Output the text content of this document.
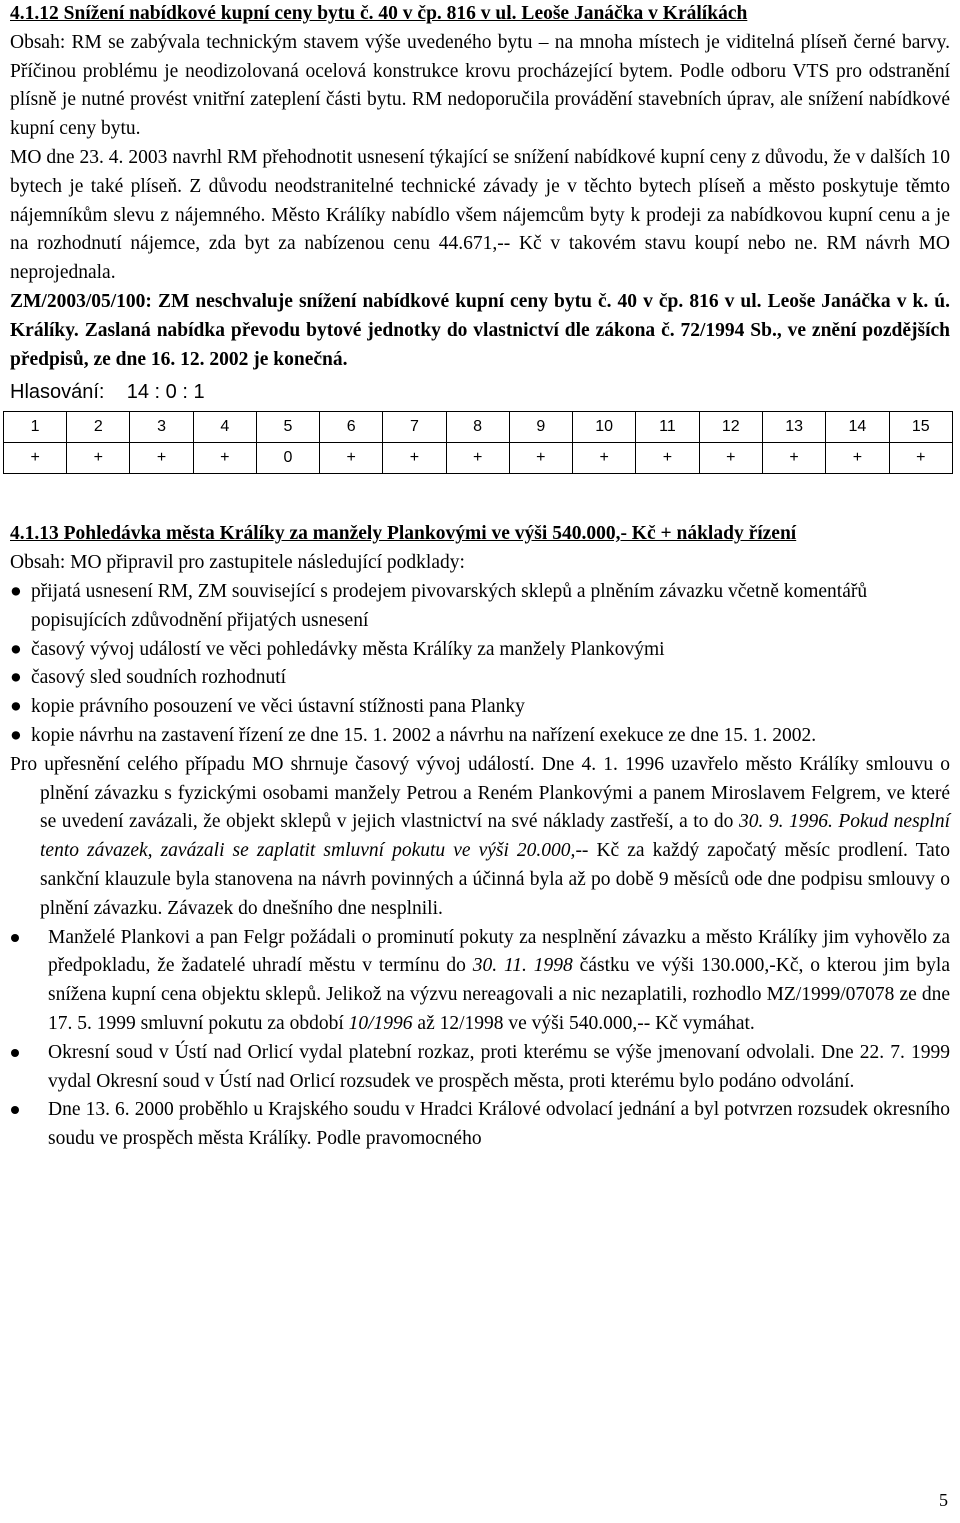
4.1.12 Snížení nabídkové kupní ceny bytu č. 40 v čp. 816 v ul. Leoše Janáčka v Králíkách

Obsah: RM se zabývala technickým stavem výše uvedeného bytu – na mnoha místech je viditelná plíseň černé barvy. Příčinou problému je neodizolovaná ocelová konstrukce krovu procházející bytem. Podle odboru VTS pro odstranění plísně je nutné provést vnitřní zateplení části bytu. RM nedoporučila provádění stavebních úprav, ale snížení nabídkové kupní ceny bytu.

MO dne 23. 4. 2003 navrhl RM přehodnotit usnesení týkající se snížení nabídkové kupní ceny z důvodu, že v dalších 10 bytech je také plíseň. Z důvodu neodstranitelné technické závady je v těchto bytech plíseň a město poskytuje těmto nájemníkům slevu z nájemného. Město Králíky nabídlo všem nájemcům byty k prodeji za nabídkovou kupní cenu a je na rozhodnutí nájemce, zda byt za nabízenou cenu 44.671,-- Kč v takovém stavu koupí nebo ne. RM návrh MO neprojednala.

ZM/2003/05/100: ZM neschvaluje snížení nabídkové kupní ceny bytu č. 40 v čp. 816 v ul. Leoše Janáčka v k. ú. Králíky. Zaslaná nabídka převodu bytové jednotky do vlastnictví dle zákona č. 72/1994 Sb., ve znění pozdějších předpisů, ze dne 16. 12. 2002 je konečná.

Hlasování: 14 : 0 : 1

1	2	3	4	5	6	7	8	9	10	11	12	13	14	15
+	+	+	+	0	+	+	+	+	+	+	+	+	+	+

4.1.13 Pohledávka města Králíky za manžely Plankovými ve výši 540.000,- Kč + náklady řízení

Obsah: MO připravil pro zastupitele následující podklady:

● přijatá usnesení RM, ZM související s prodejem pivovarských sklepů a plněním závazku včetně komentářů popisujících zdůvodnění přijatých usnesení
● časový vývoj událostí ve věci pohledávky města Králíky za manžely Plankovými
● časový sled soudních rozhodnutí
● kopie právního posouzení ve věci ústavní stížnosti pana Planky
● kopie návrhu na zastavení řízení ze dne 15. 1. 2002 a návrhu na nařízení exekuce ze dne 15. 1. 2002.

Pro upřesnění celého případu MO shrnuje časový vývoj událostí. Dne 4. 1. 1996 uzavřelo město Králíky smlouvu o plnění závazku s fyzickými osobami manžely Petrou a Reném Plankovými a panem Miroslavem Felgrem, ve které se uvedení zavázali, že objekt sklepů v jejich vlastnictví na své náklady zastřeší, a to do 30. 9. 1996. Pokud nesplní tento závazek, zavázali se zaplatit smluvní pokutu ve výši 20.000,-- Kč za každý započatý měsíc prodlení. Tato sankční klauzule byla stanovena na návrh povinných a účinná byla až po době 9 měsíců ode dne podpisu smlouvy o plnění závazku. Závazek do dnešního dne nesplnili.

Manželé Plankovi a pan Felgr požádali o prominutí pokuty za nesplnění závazku a město Králíky jim vyhovělo za předpokladu, že žadatelé uhradí městu v termínu do 30. 11. 1998 částku ve výši 130.000,-Kč, o kterou jim byla snížena kupní cena objektu sklepů. Jelikož na výzvu nereagovali a nic nezaplatili, rozhodlo MZ/1999/07078 ze dne 17. 5. 1999 smluvní pokutu za období 10/1996 až 12/1998 ve výši 540.000,-- Kč vymáhat.
Okresní soud v Ústí nad Orlicí vydal platební rozkaz, proti kterému se výše jmenovaní odvolali. Dne 22. 7. 1999 vydal Okresní soud v Ústí nad Orlicí rozsudek ve prospěch města, proti kterému bylo podáno odvolání.
Dne 13. 6. 2000 proběhlo u Krajského soudu v Hradci Králové odvolací jednání a byl potvrzen rozsudek okresního soudu ve prospěch města Králíky. Podle pravomocného
5
